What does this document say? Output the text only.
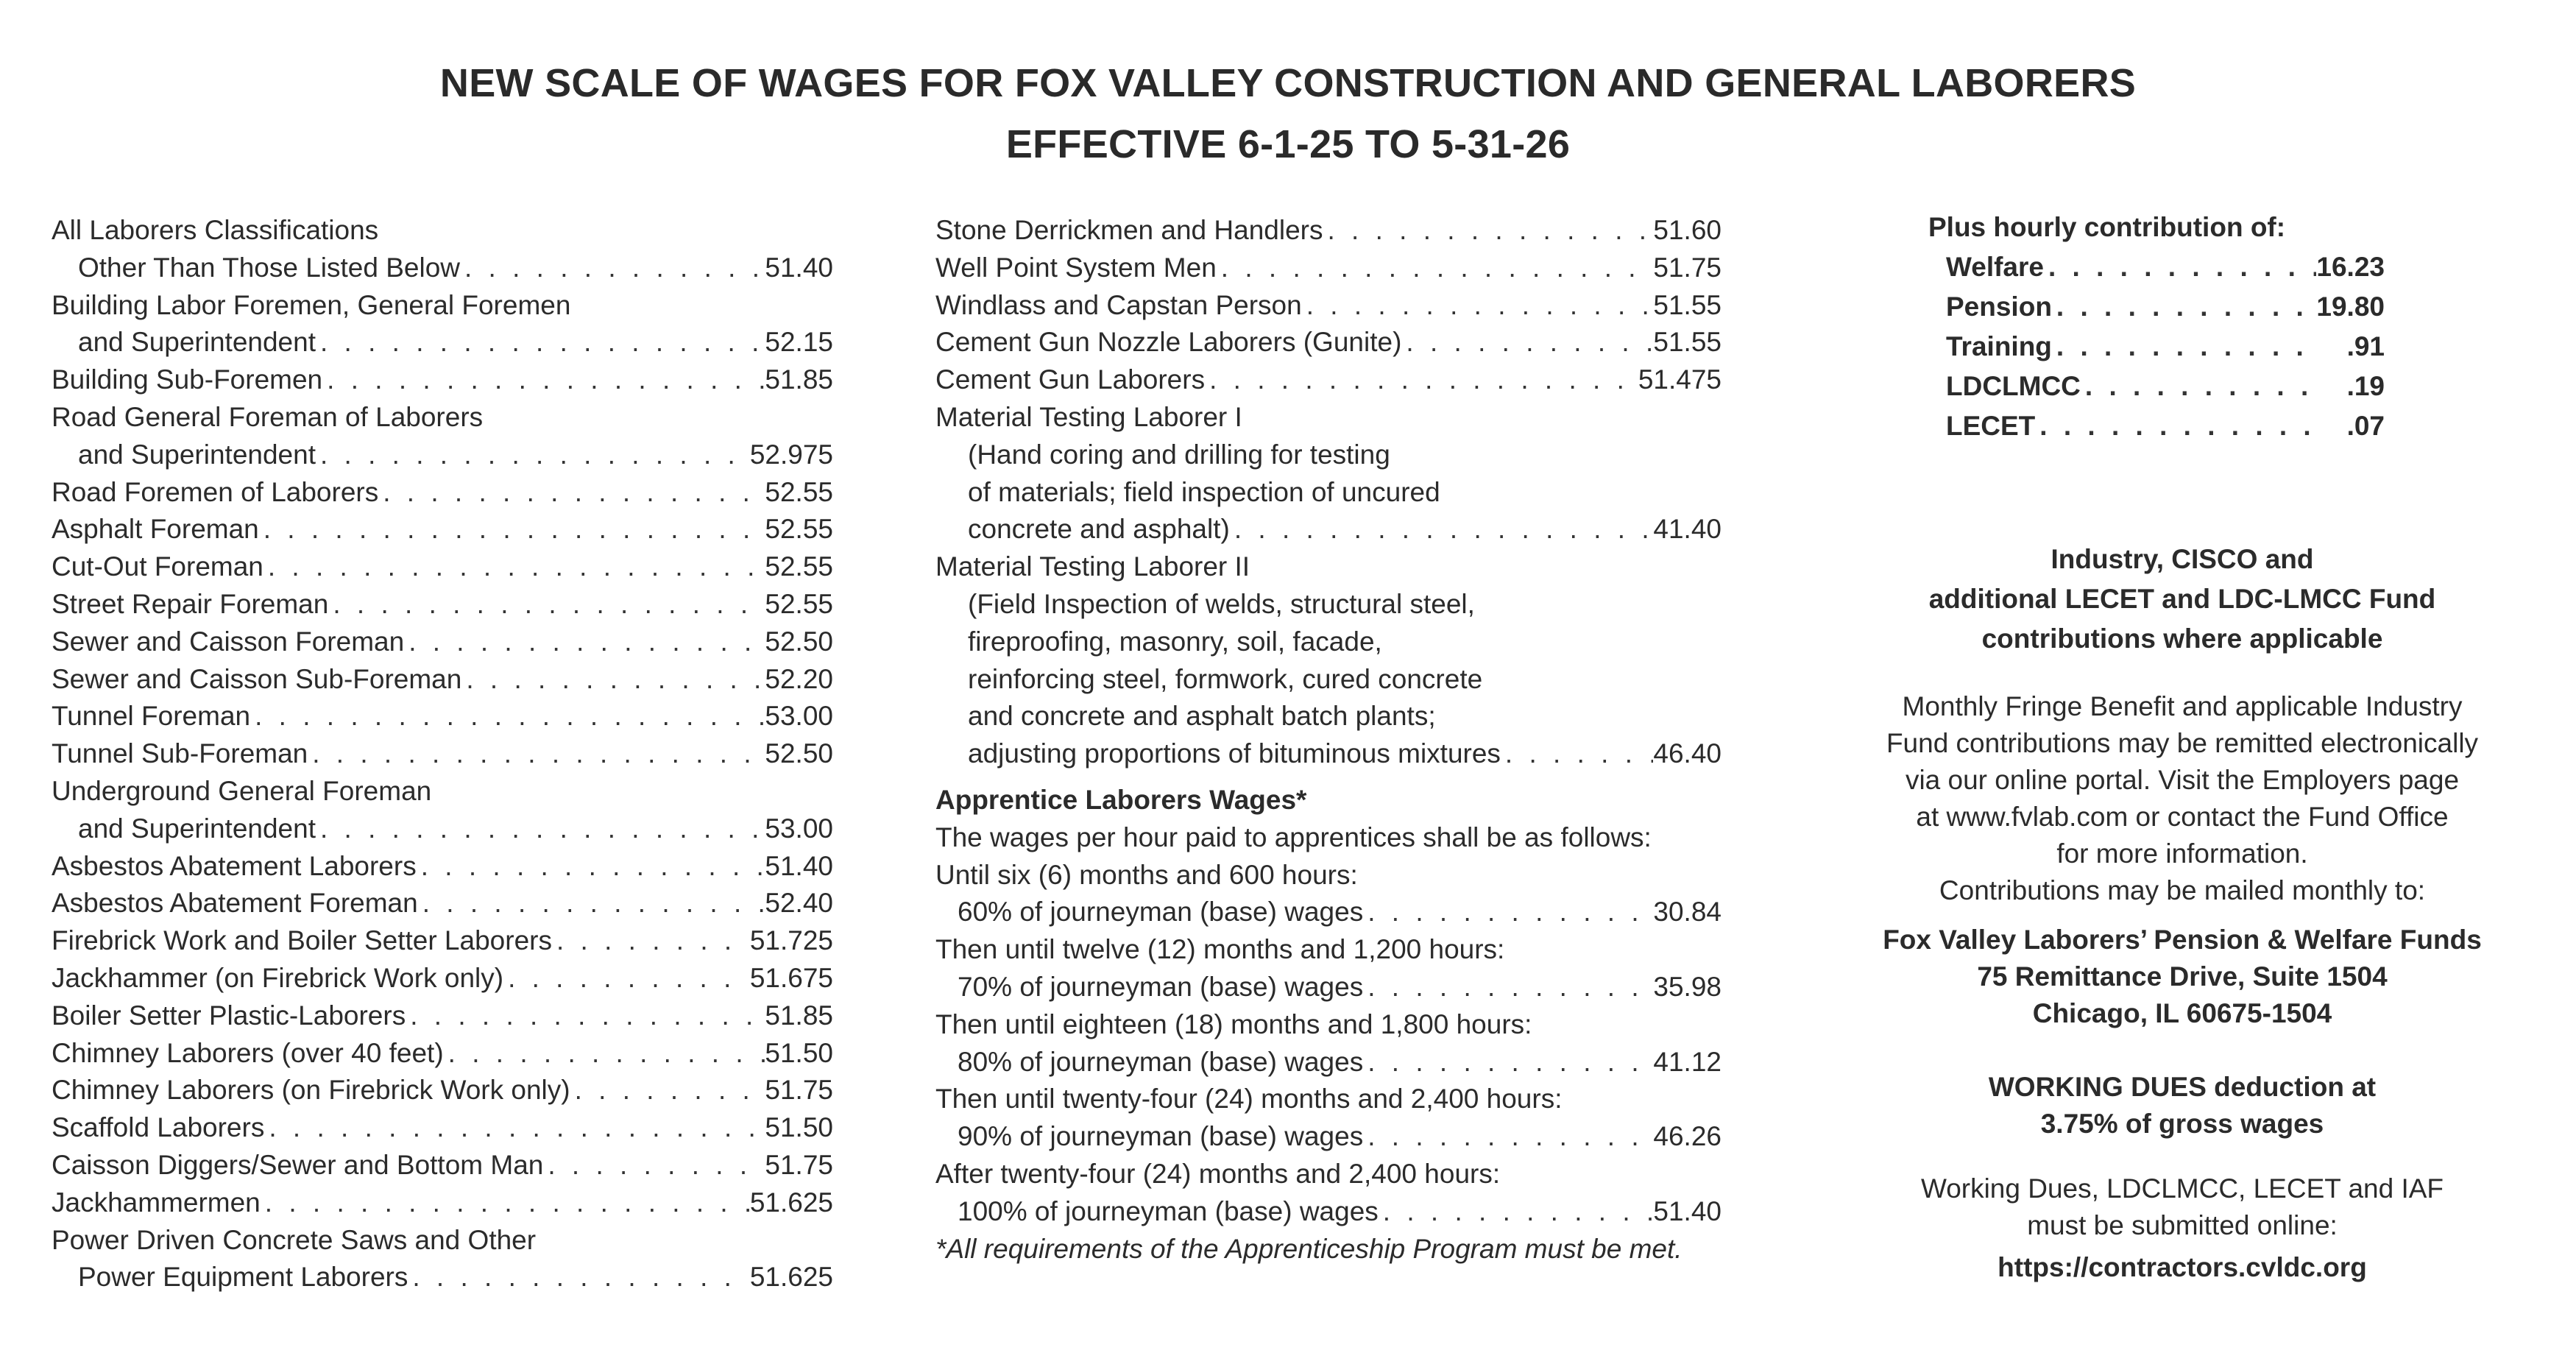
NEW SCALE OF WAGES FOR FOX VALLEY CONSTRUCTION AND GENERAL LABORERS
EFFECTIVE 6-1-25 TO 5-31-26
All Laborers Classifications
Other Than Those Listed Below . . .	51.40
Building Labor Foremen, General Foremen
and Superintendent . . .	52.15
Building Sub-Foremen . . .	51.85
Road General Foreman of Laborers
and Superintendent . . .	52.975
Road Foremen of Laborers . . .	52.55
Asphalt Foreman . . .	52.55
Cut-Out Foreman . . .	52.55
Street Repair Foreman . . .	52.55
Sewer and Caisson Foreman . . .	52.50
Sewer and Caisson Sub-Foreman . . .	52.20
Tunnel Foreman . . .	53.00
Tunnel Sub-Foreman . . .	52.50
Underground General Foreman
and Superintendent . . .	53.00
Asbestos Abatement Laborers . . .	51.40
Asbestos Abatement Foreman . . .	52.40
Firebrick Work and Boiler Setter Laborers . . .	51.725
Jackhammer (on Firebrick Work only) . . .	51.675
Boiler Setter Plastic-Laborers . . .	51.85
Chimney Laborers (over 40 feet) . . .	51.50
Chimney Laborers (on Firebrick Work only) . . .	51.75
Scaffold Laborers . . .	51.50
Caisson Diggers/Sewer and Bottom Man . . .	51.75
Jackhammermen . . .	51.625
Power Driven Concrete Saws and Other
Power Equipment Laborers . . .	51.625
Stone Derrickmen and Handlers . . .	51.60
Well Point System Men . . .	51.75
Windlass and Capstan Person . . .	51.55
Cement Gun Nozzle Laborers (Gunite) . . .	51.55
Cement Gun Laborers . . .	51.475
Material Testing Laborer I
(Hand coring and drilling for testing
of materials; field inspection of uncured
concrete and asphalt) . . .	41.40
Material Testing Laborer II
(Field Inspection of welds, structural steel,
fireproofing, masonry, soil, facade,
reinforcing steel, formwork, cured concrete
and concrete and asphalt batch plants;
adjusting proportions of bituminous mixtures . . .	46.40
Apprentice Laborers Wages*
The wages per hour paid to apprentices shall be as follows:
Until six (6) months and 600 hours:
60% of journeyman (base) wages . . .	30.84
Then until twelve (12) months and 1,200 hours:
70% of journeyman (base) wages . . .	35.98
Then until eighteen (18) months and 1,800 hours:
80% of journeyman (base) wages . . .	41.12
Then until twenty-four (24) months and 2,400 hours:
90% of journeyman (base) wages . . .	46.26
After twenty-four (24) months and 2,400 hours:
100% of journeyman (base) wages . . .	51.40
*All requirements of the Apprenticeship Program must be met.
Plus hourly contribution of:
Welfare . . .	16.23
Pension . . .	19.80
Training . . .	.91
LDCLMCC . . .	.19
LECET . . .	.07
Industry, CISCO and
additional LECET and LDC-LMCC Fund
contributions where applicable
Monthly Fringe Benefit and applicable Industry
Fund contributions may be remitted electronically
via our online portal. Visit the Employers page
at www.fvlab.com or contact the Fund Office
for more information.
Contributions may be mailed monthly to:
Fox Valley Laborers’ Pension & Welfare Funds
75 Remittance Drive, Suite 1504
Chicago, IL 60675-1504
WORKING DUES deduction at
3.75% of gross wages
Working Dues, LDCLMCC, LECET and IAF
must be submitted online:
https://contractors.cvldc.org
